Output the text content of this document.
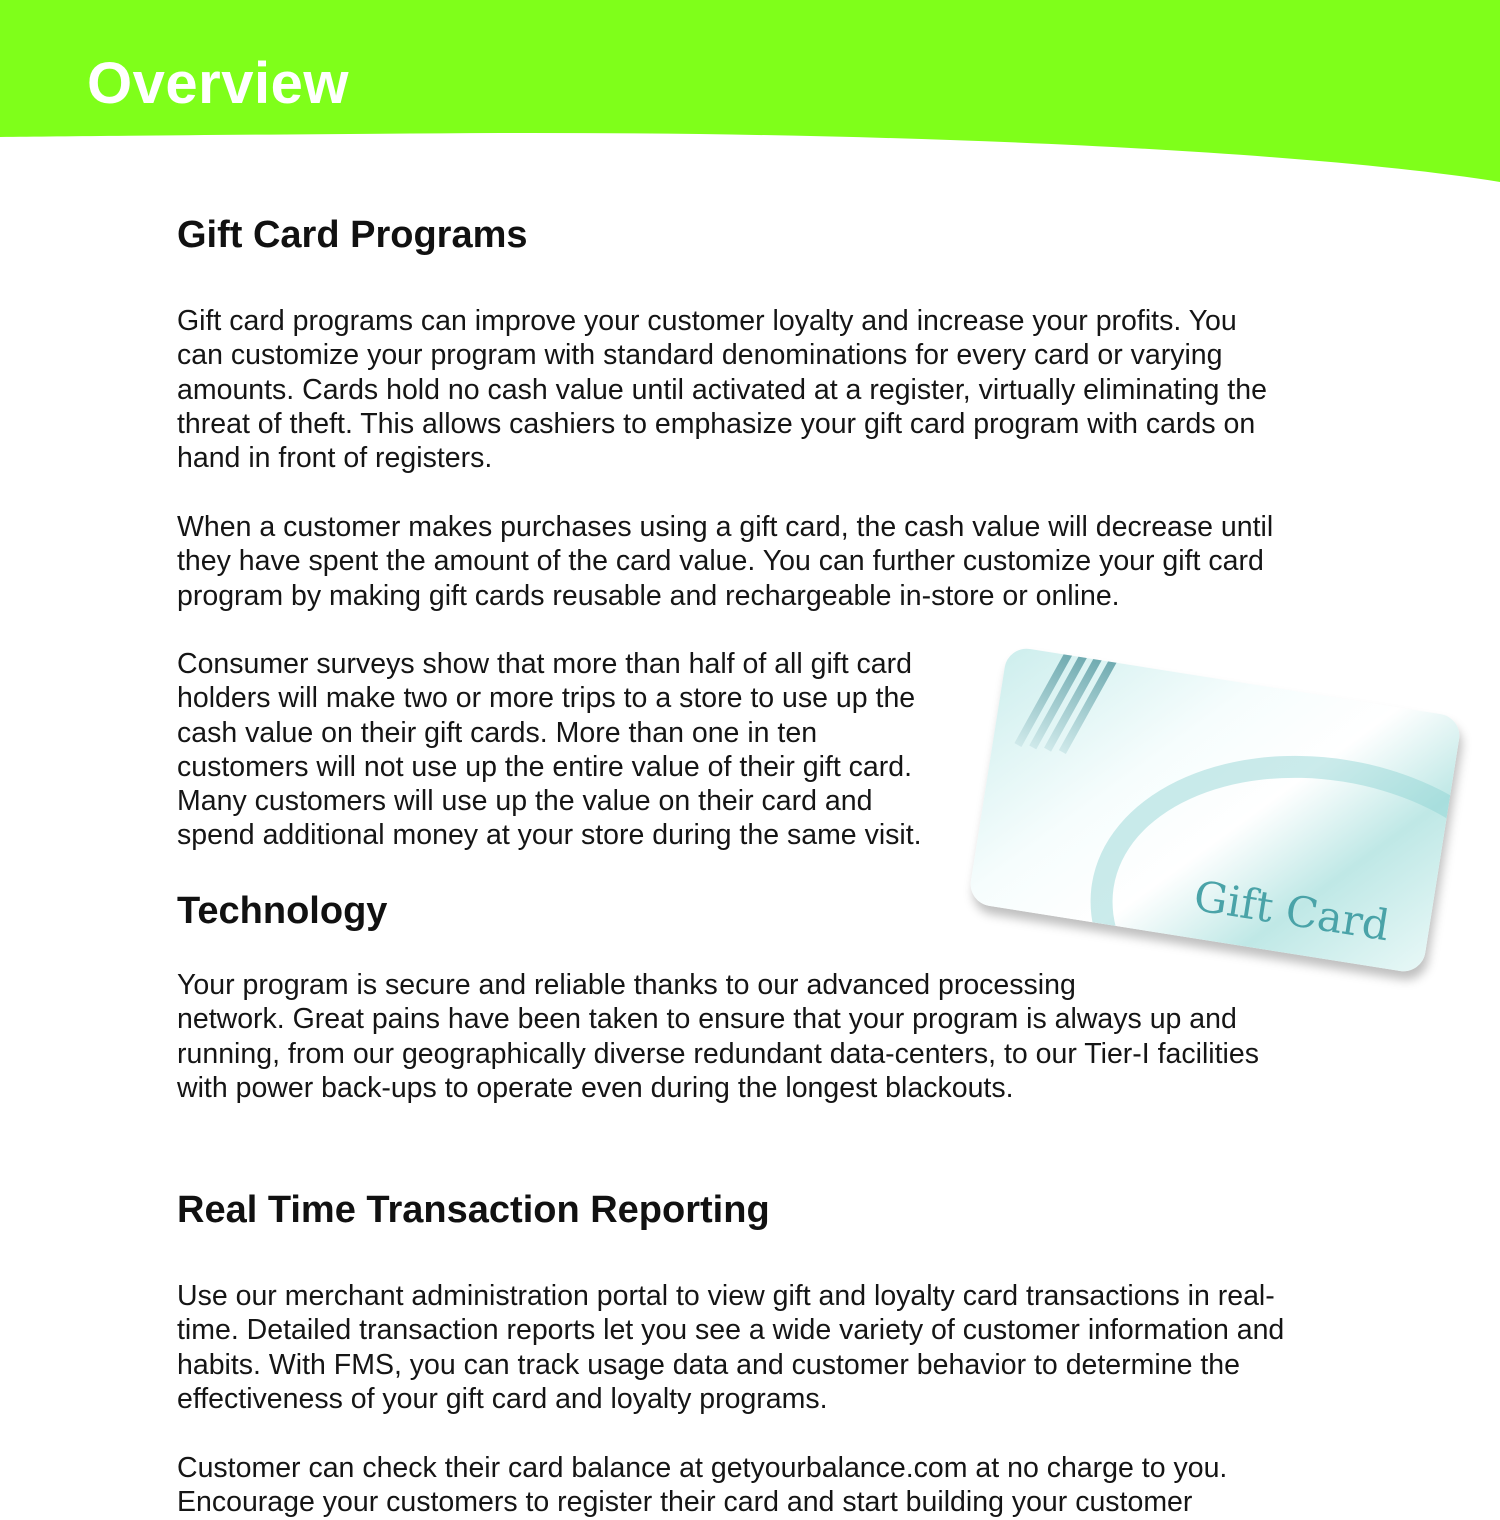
Overview
Gift Card Programs
Gift card programs can improve your customer loyalty and increase your profits. You
can customize your program with standard denominations for every card or varying
amounts. Cards hold no cash value until activated at a register, virtually eliminating the
threat of theft. This allows cashiers to emphasize your gift card program with cards on
hand in front of registers.
When a customer makes purchases using a gift card, the cash value will decrease until
they have spent the amount of the card value. You can further customize your gift card
program by making gift cards reusable and rechargeable in-store or online.
Consumer surveys show that more than half of all gift card
holders will make two or more trips to a store to use up the
cash value on their gift cards. More than one in ten
customers will not use up the entire value of their gift card.
Many customers will use up the value on their card and
spend additional money at your store during the same visit.
Gift Card
Technology
Your program is secure and reliable thanks to our advanced processing
network. Great pains have been taken to ensure that your program is always up and
running, from our geographically diverse redundant data-centers, to our Tier-I facilities
with power back-ups to operate even during the longest blackouts.
Real Time Transaction Reporting
Use our merchant administration portal to view gift and loyalty card transactions in real-
time. Detailed transaction reports let you see a wide variety of customer information and
habits. With FMS, you can track usage data and customer behavior to determine the
effectiveness of your gift card and loyalty programs.
Customer can check their card balance at getyourbalance.com at no charge to you.
Encourage your customers to register their card and start building your customer
